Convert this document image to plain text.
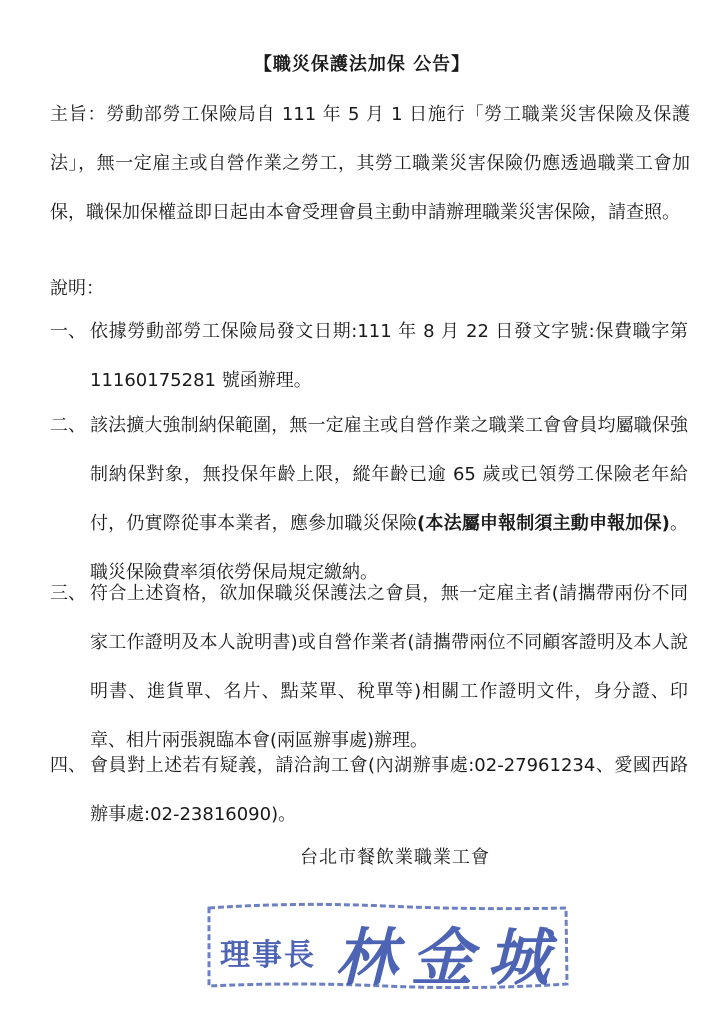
【職災保護法加保 公告】
主旨：勞動部勞工保險局自 111 年 5 月 1 日施行「勞工職業災害保險及保護法」，無一定雇主或自營作業之勞工，其勞工職業災害保險仍應透過職業工會加保，職保加保權益即日起由本會受理會員主動申請辦理職業災害保險，請查照。
說明：
一、 依據勞動部勞工保險局發文日期:111 年 8 月 22 日發文字號:保費職字第 11160175281 號函辦理。
二、 該法擴大強制納保範圍，無一定雇主或自營作業之職業工會會員均屬職保強制納保對象，無投保年齡上限，縱年齡已逾 65 歲或已領勞工保險老年給付，仍實際從事本業者，應參加職災保險(本法屬申報制須主動申報加保)。職災保險費率須依勞保局規定繳納。
三、 符合上述資格，欲加保職災保護法之會員，無一定雇主者(請攜帶兩份不同家工作證明及本人說明書)或自營作業者(請攜帶兩位不同顧客證明及本人說明書、進貨單、名片、點菜單、稅單等)相關工作證明文件，身分證、印章、相片兩張親臨本會(兩區辦事處)辦理。
四、 會員對上述若有疑義，請洽詢工會(內湖辦事處:02-27961234、愛國西路辦事處:02-23816090)。
台北市餐飲業職業工會
理事長 林金城
